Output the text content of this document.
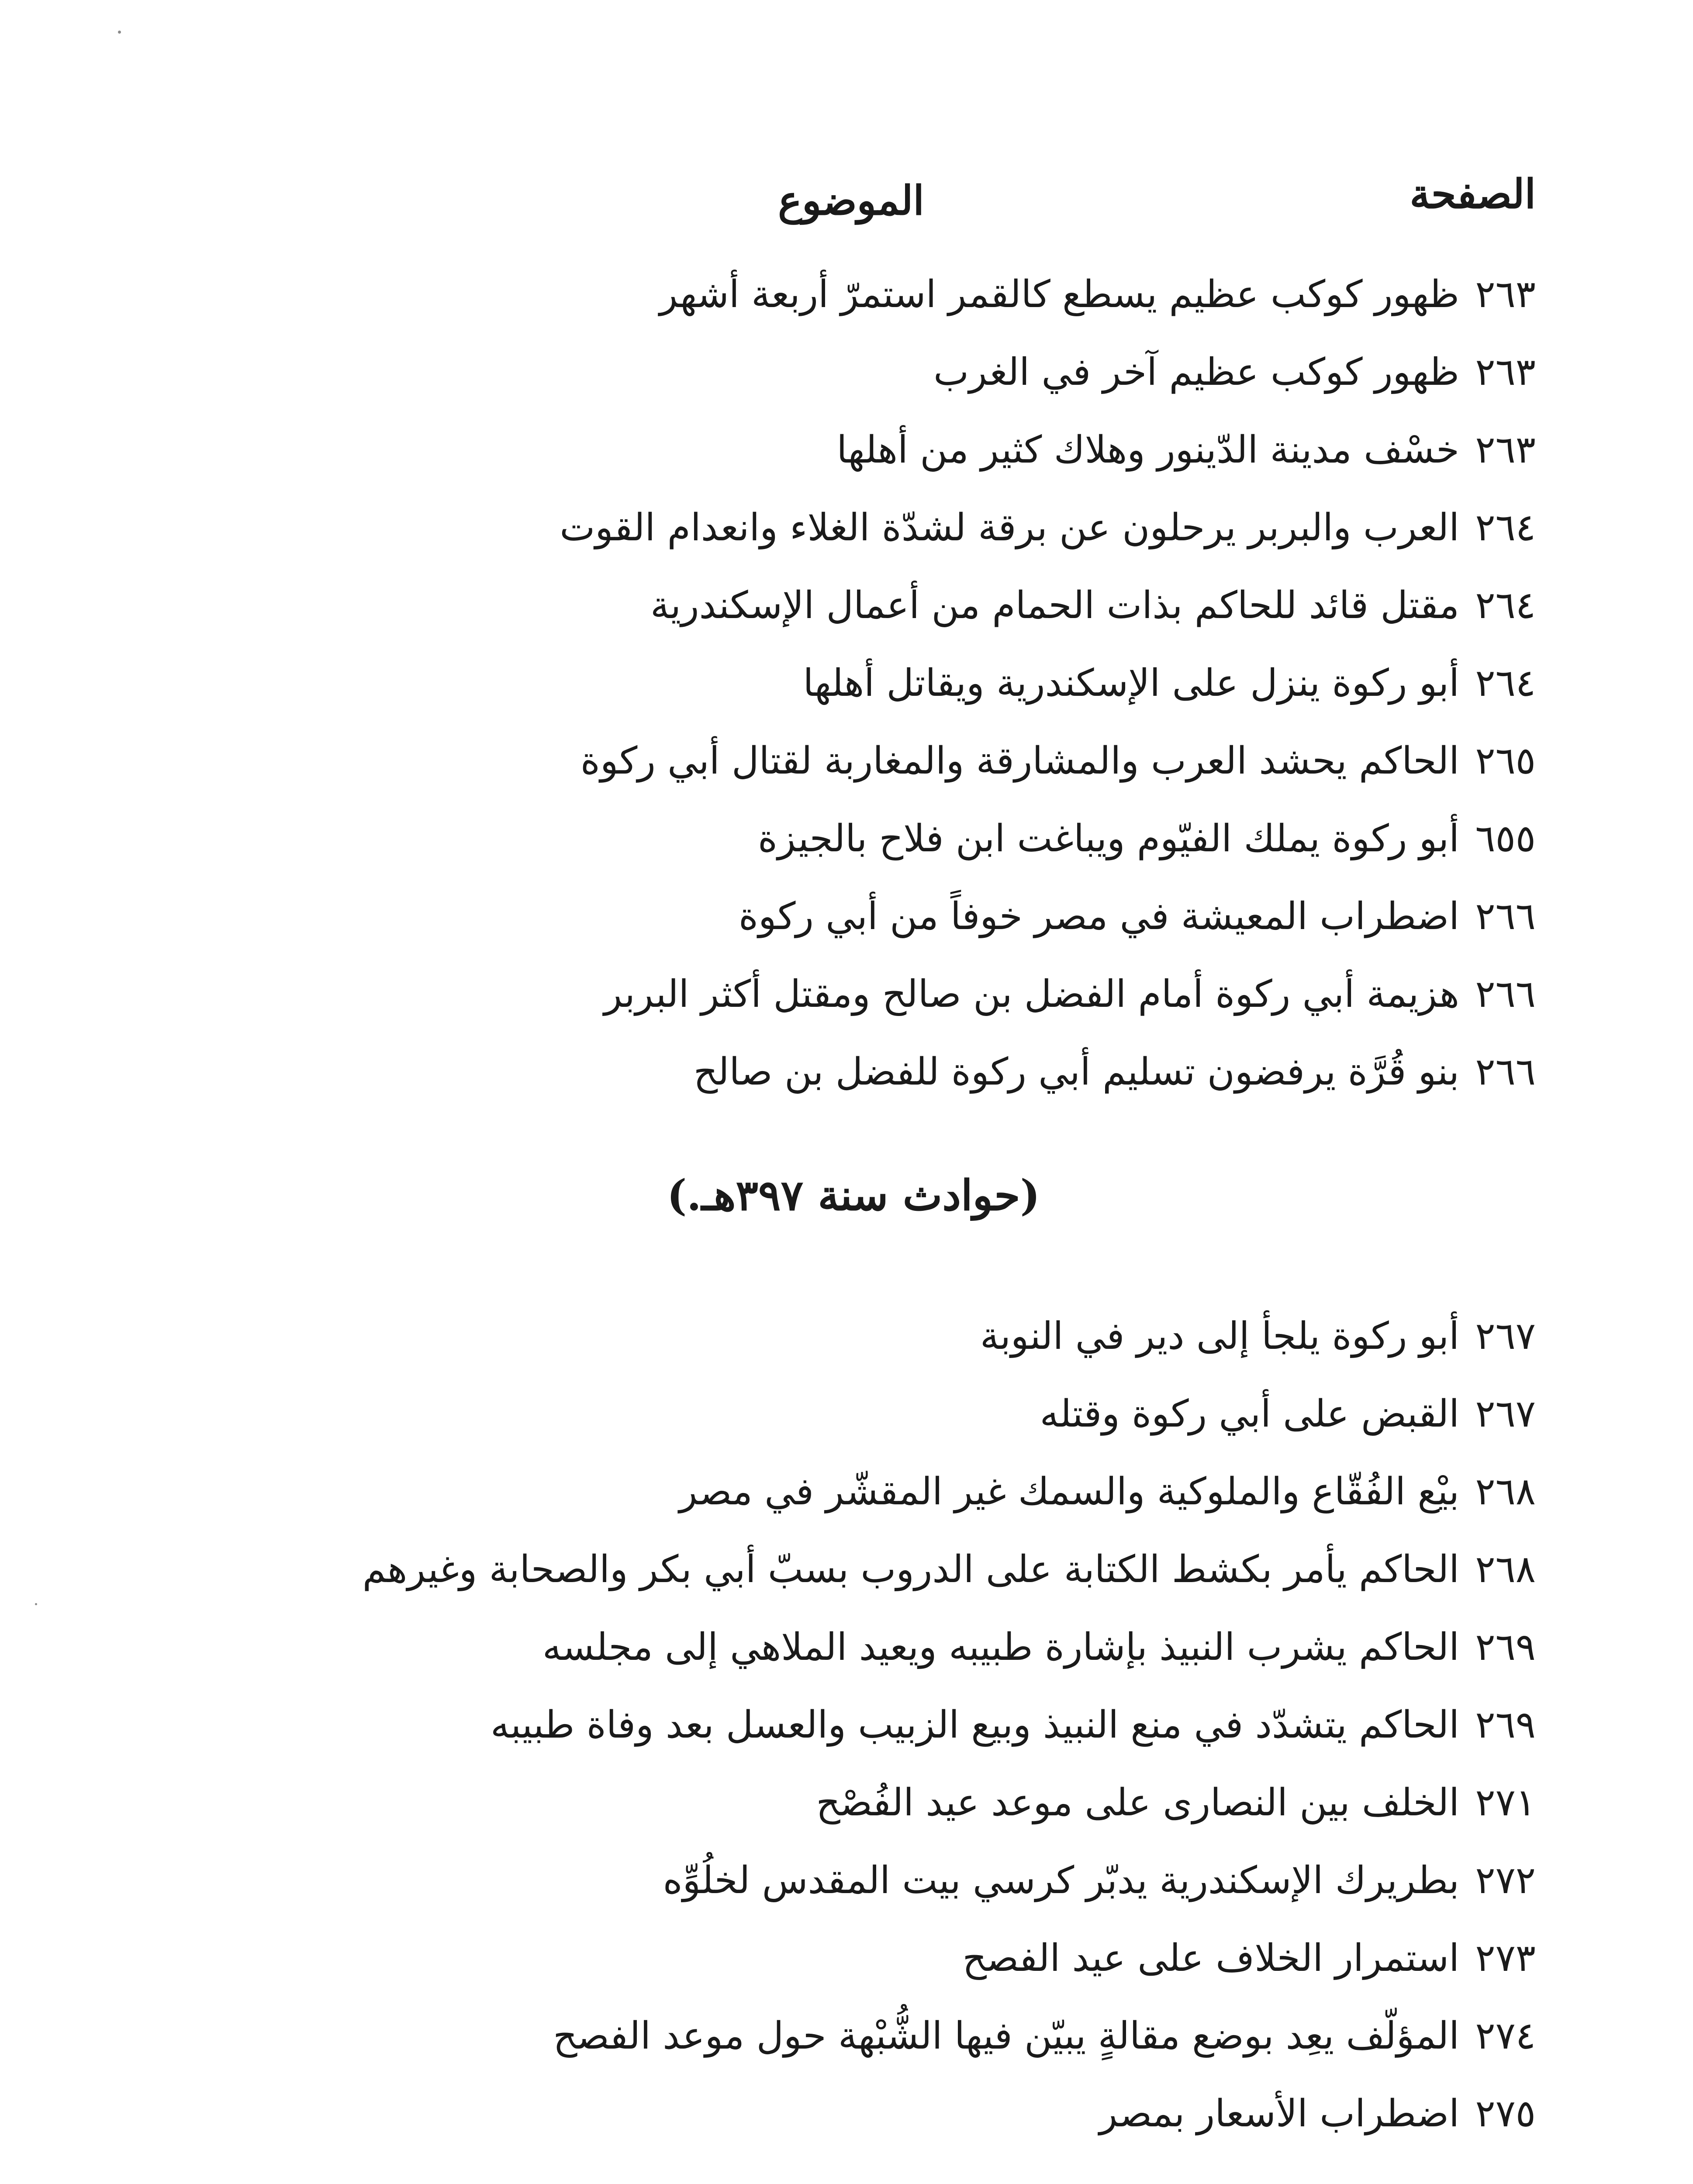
الصفحة
الموضوع
٢٦٣
ظهور كوكب عظيم يسطع كالقمر استمرّ أربعة أشهر
٢٦٣
ظهور كوكب عظيم آخر في الغرب
٢٦٣
خسْف مدينة الدّينور وهلاك كثير من أهلها
٢٦٤
العرب والبربر يرحلون عن برقة لشدّة الغلاء وانعدام القوت
٢٦٤
مقتل قائد للحاكم بذات الحمام من أعمال الإسكندرية
٢٦٤
أبو ركوة ينزل على الإسكندرية ويقاتل أهلها
٢٦٥
الحاكم يحشد العرب والمشارقة والمغاربة لقتال أبي ركوة
٦٥٥
أبو ركوة يملك الفيّوم ويباغت ابن فلاح بالجيزة
٢٦٦
اضطراب المعيشة في مصر خوفاً من أبي ركوة
٢٦٦
هزيمة أبي ركوة أمام الفضل بن صالح ومقتل أكثر البربر
٢٦٦
بنو قُرَّة يرفضون تسليم أبي ركوة للفضل بن صالح
(حوادث سنة ٣٩٧هـ.)
٢٦٧
أبو ركوة يلجأ إلى دير في النوبة
٢٦٧
القبض على أبي ركوة وقتله
٢٦٨
بيْع الفُقّاع والملوكية والسمك غير المقشّر في مصر
٢٦٨
الحاكم يأمر بكشط الكتابة على الدروب بسبّ أبي بكر والصحابة وغيرهم
٢٦٩
الحاكم يشرب النبيذ بإشارة طبيبه ويعيد الملاهي إلى مجلسه
٢٦٩
الحاكم يتشدّد في منع النبيذ وبيع الزبيب والعسل بعد وفاة طبيبه
٢٧١
الخلف بين النصارى على موعد عيد الفُصْح
٢٧٢
بطريرك الإسكندرية يدبّر كرسي بيت المقدس لخلُوِّه
٢٧٣
استمرار الخلاف على عيد الفصح
٢٧٤
المؤلّف يعِد بوضع مقالةٍ يبيّن فيها الشُّبْهة حول موعد الفصح
٢٧٥
اضطراب الأسعار بمصر
